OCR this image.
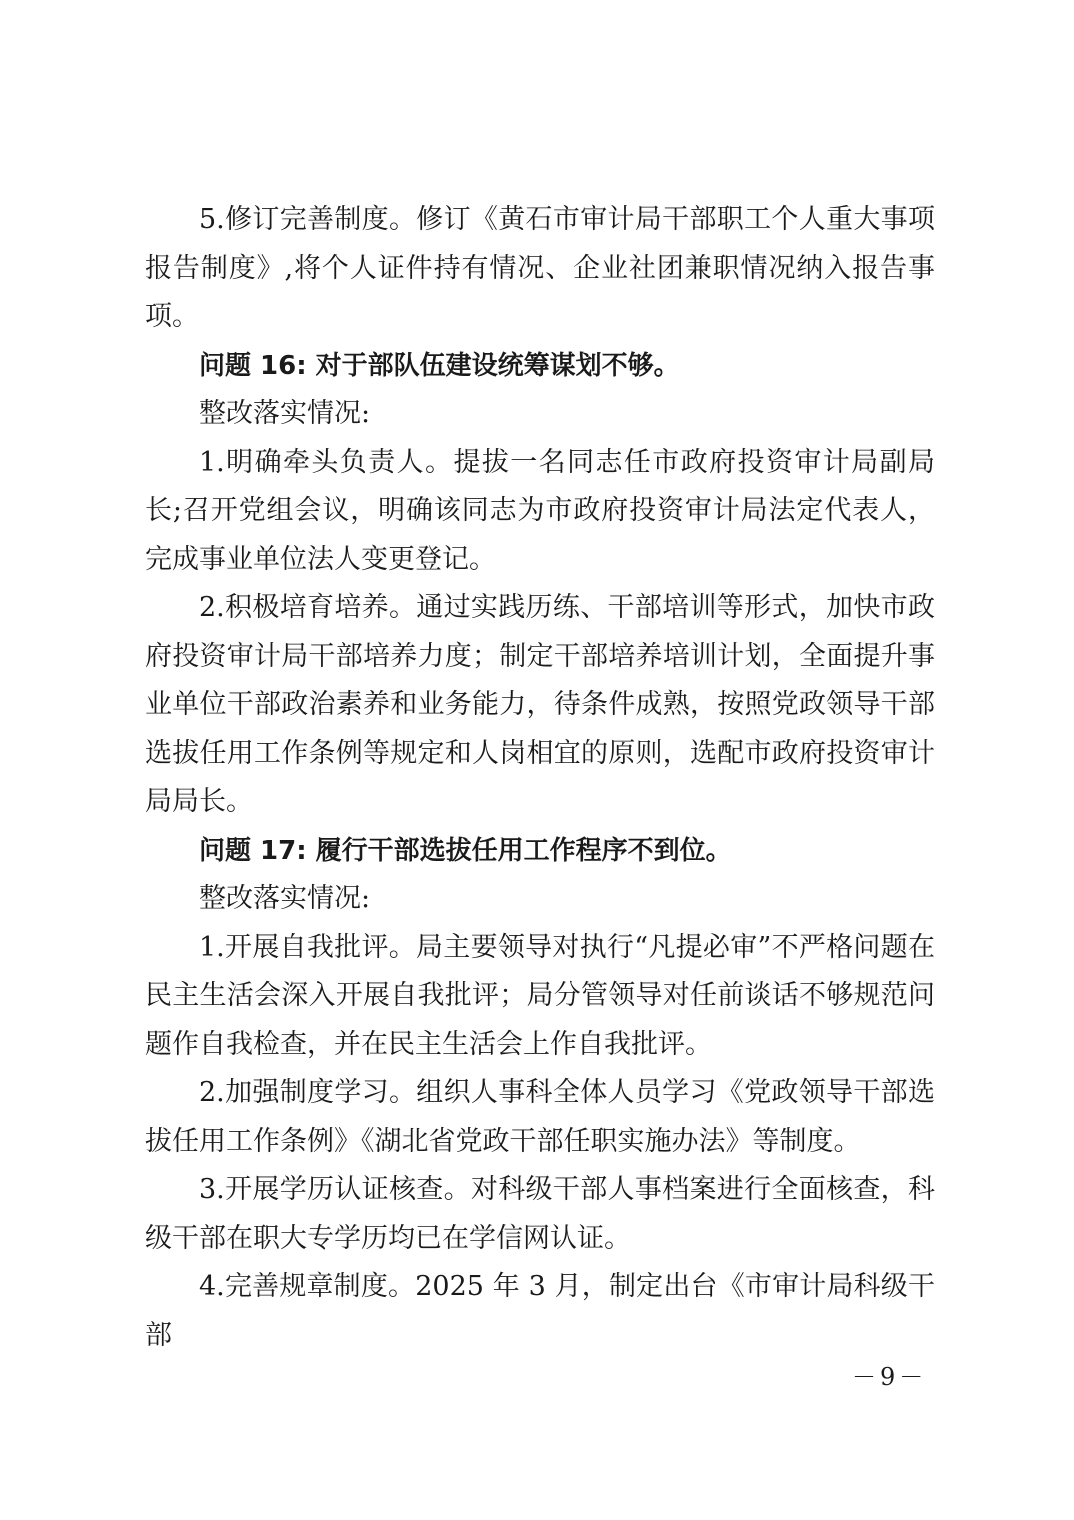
5.修订完善制度。修订《黄石市审计局干部职工个人重大事项报告制度》,将个人证件持有情况、企业社团兼职情况纳入报告事项。

问题 16: 对于部队伍建设统筹谋划不够。

整改落实情况:

1.明确牵头负责人。提拔一名同志任市政府投资审计局副局长;召开党组会议，明确该同志为市政府投资审计局法定代表人，完成事业单位法人变更登记。

2.积极培育培养。通过实践历练、干部培训等形式，加快市政府投资审计局干部培养力度；制定干部培养培训计划，全面提升事业单位干部政治素养和业务能力，待条件成熟，按照党政领导干部选拔任用工作条例等规定和人岗相宜的原则，选配市政府投资审计局局长。

问题 17: 履行干部选拔任用工作程序不到位。

整改落实情况:

1.开展自我批评。局主要领导对执行“凡提必审”不严格问题在民主生活会深入开展自我批评；局分管领导对任前谈话不够规范问题作自我检查，并在民主生活会上作自我批评。

2.加强制度学习。组织人事科全体人员学习《党政领导干部选拔任用工作条例》《湖北省党政干部任职实施办法》等制度。

3.开展学历认证核查。对科级干部人事档案进行全面核查，科级干部在职大专学历均已在学信网认证。

4.完善规章制度。2025 年 3 月，制定出台《市审计局科级干部

－9－
